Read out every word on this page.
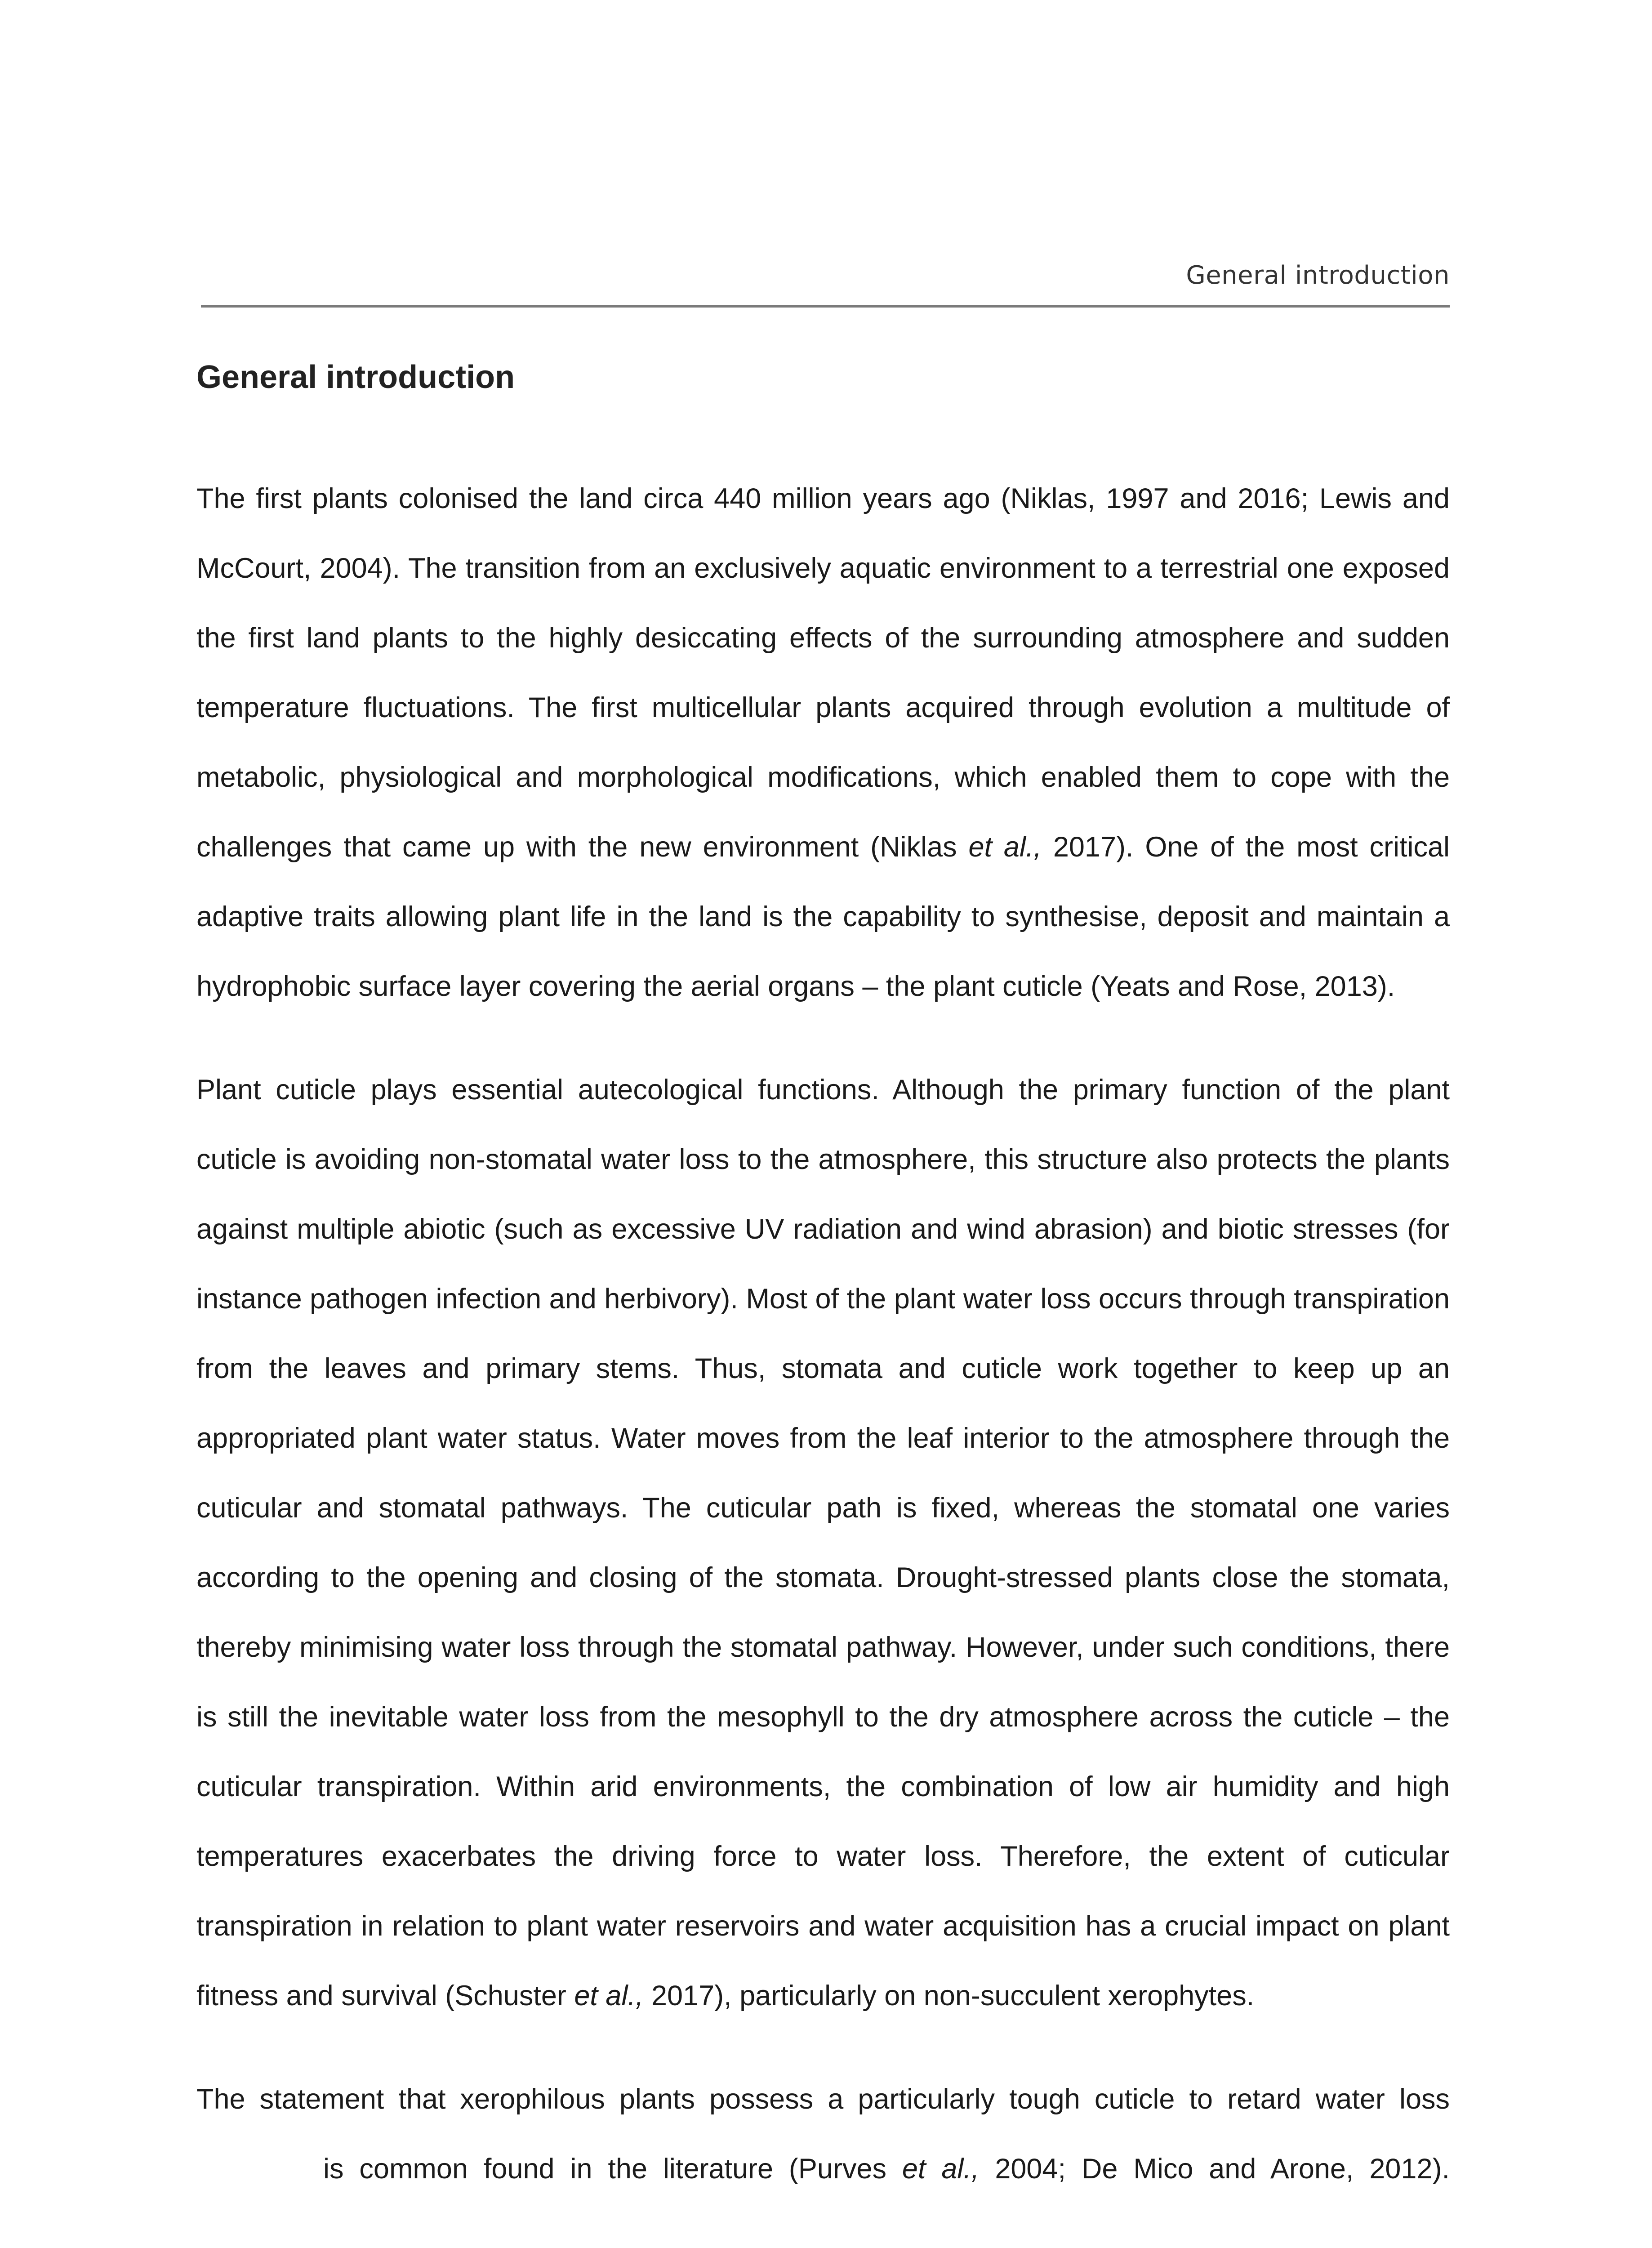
General introduction
General introduction

The first plants colonised the land circa 440 million years ago (Niklas, 1997 and 2016; Lewis and McCourt, 2004). The transition from an exclusively aquatic environment to a terrestrial one exposed the first land plants to the highly desiccating effects of the surrounding atmosphere and sudden temperature fluctuations. The first multicellular plants acquired through evolution a multitude of metabolic, physiological and morphological modifications, which enabled them to cope with the challenges that came up with the new environment (Niklas et al., 2017). One of the most critical adaptive traits allowing plant life in the land is the capability to synthesise, deposit and maintain a hydrophobic surface layer covering the aerial organs – the plant cuticle (Yeats and Rose, 2013).

Plant cuticle plays essential autecological functions. Although the primary function of the plant cuticle is avoiding non-stomatal water loss to the atmosphere, this structure also protects the plants against multiple abiotic (such as excessive UV radiation and wind abrasion) and biotic stresses (for instance pathogen infection and herbivory). Most of the plant water loss occurs through transpiration from the leaves and primary stems. Thus, stomata and cuticle work together to keep up an appropriated plant water status. Water moves from the leaf interior to the atmosphere through the cuticular and stomatal pathways. The cuticular path is fixed, whereas the stomatal one varies according to the opening and closing of the stomata. Drought-stressed plants close the stomata, thereby minimising water loss through the stomatal pathway. However, under such conditions, there is still the inevitable water loss from the mesophyll to the dry atmosphere across the cuticle – the cuticular transpiration. Within arid environments, the combination of low air humidity and high temperatures exacerbates the driving force to water loss. Therefore, the extent of cuticular transpiration in relation to plant water reservoirs and water acquisition has a crucial impact on plant fitness and survival (Schuster et al., 2017), particularly on non-succulent xerophytes.

The statement that xerophilous plants possess a particularly tough cuticle to retard water loss

is common found in the literature (Purves et al., 2004; De Mico and Arone, 2012).
